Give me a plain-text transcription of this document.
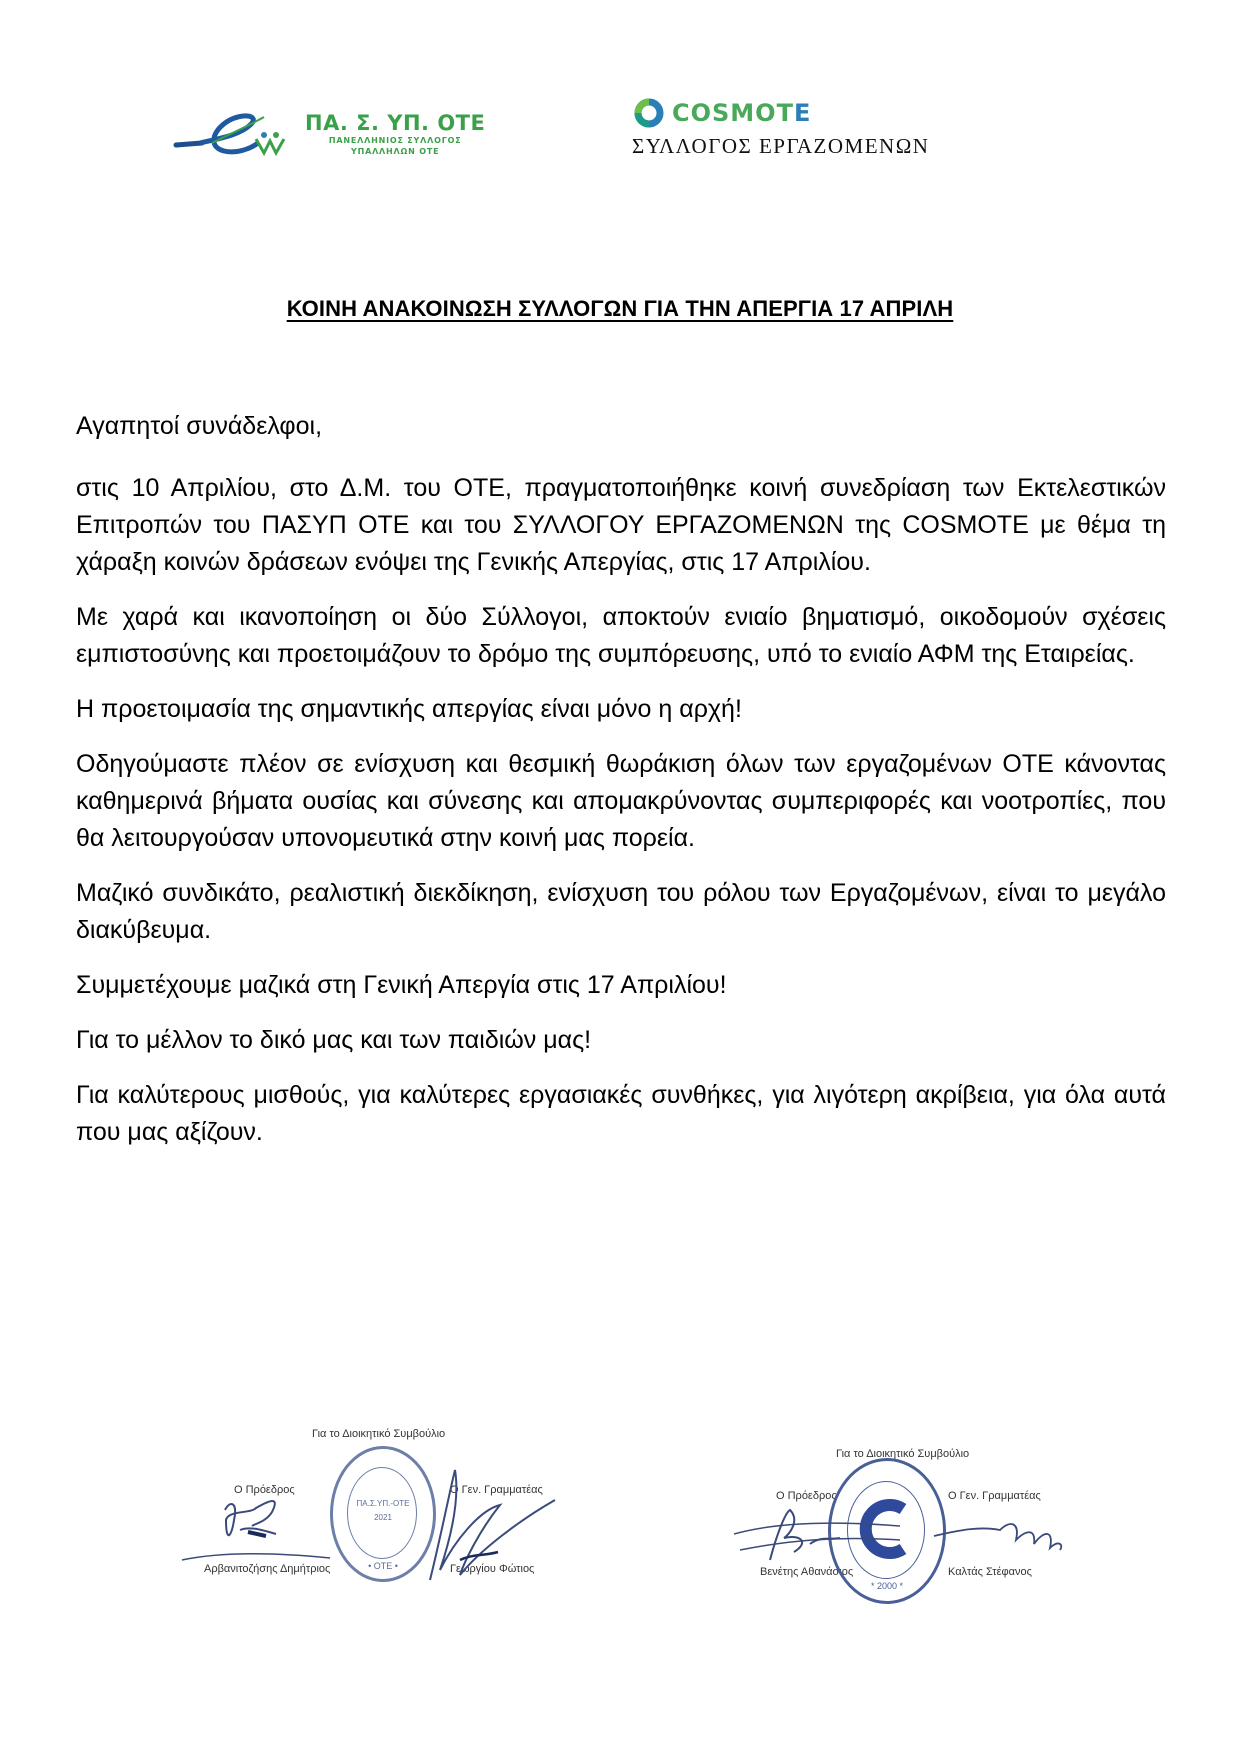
ΠΑ. Σ. ΥΠ. ΟΤΕ
ΠΑΝΕΛΛΗΝΙΟΣ ΣΥΛΛΟΓΟΣ
ΥΠΑΛΛΗΛΩΝ ΟΤΕ
COSMOTE
ΣΥΛΛΟΓΟΣ ΕΡΓΑΖΟΜΕΝΩΝ
ΚΟΙΝΗ ΑΝΑΚΟΙΝΩΣΗ ΣΥΛΛΟΓΩΝ ΓΙΑ ΤΗΝ ΑΠΕΡΓΙΑ 17 ΑΠΡΙΛΗ

Αγαπητοί συνάδελφοι,

στις 10 Απριλίου, στο Δ.Μ. του ΟΤΕ, πραγματοποιήθηκε κοινή συνεδρίαση των Εκτελεστικών Επιτροπών του ΠΑΣΥΠ ΟΤΕ και του ΣΥΛΛΟΓΟΥ ΕΡΓΑΖΟΜΕΝΩΝ της COSMOTE με θέμα τη χάραξη κοινών δράσεων ενόψει της Γενικής Απεργίας, στις 17 Απριλίου.

Με χαρά και ικανοποίηση οι δύο Σύλλογοι, αποκτούν ενιαίο βηματισμό, οικοδομούν σχέσεις εμπιστοσύνης και προετοιμάζουν το δρόμο της συμπόρευσης, υπό το ενιαίο ΑΦΜ της Εταιρείας.

Η προετοιμασία της σημαντικής απεργίας είναι μόνο η αρχή!

Οδηγούμαστε πλέον σε ενίσχυση και θεσμική θωράκιση όλων των εργαζομένων ΟΤΕ κάνοντας καθημερινά βήματα ουσίας και σύνεσης και απομακρύνοντας συμπεριφορές και νοοτροπίες, που θα λειτουργούσαν υπονομευτικά στην κοινή μας πορεία.

Μαζικό συνδικάτο, ρεαλιστική διεκδίκηση, ενίσχυση του ρόλου των Εργαζομένων, είναι το μεγάλο διακύβευμα.

Συμμετέχουμε μαζικά στη Γενική Απεργία στις 17 Απριλίου!

Για το μέλλον το δικό μας και των παιδιών μας!

Για καλύτερους μισθούς, για καλύτερες εργασιακές συνθήκες, για λιγότερη ακρίβεια, για όλα αυτά που μας αξίζουν.

Για το Διοικητικό Συμβούλιο
Ο Πρόεδρος
Αρβανιτοζήσης Δημήτριος
Ο Γεν. Γραμματέας
Γεωργίου Φώτιος
ΠΑ.Σ.ΥΠ.-ΟΤΕ
2021
• ΟΤΕ •
Για το Διοικητικό Συμβούλιο
Ο Πρόεδρος	Ο Γεν. Γραμματέας
Βενέτης Αθανάσιος	Καλτάς Στέφανος
* 2000 *
